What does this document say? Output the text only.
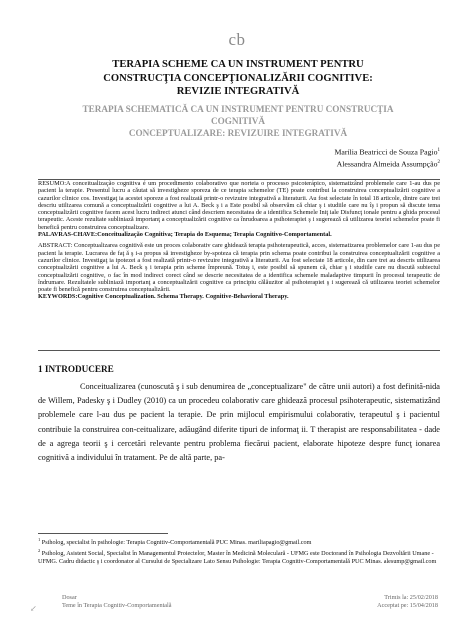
cb
TERAPIA SCHEME CA UN INSTRUMENT PENTRU
CONSTRUCŢIA CONCEPŢIONALIZĂRII COGNITIVE:
REVIZIE INTEGRATIVĂ
TERAPIA SCHEMATICĂ CA UN INSTRUMENT PENTRU CONSTRUCŢIA COGNITIVĂ
CONCEPTUALIZARE: REVIZUIRE INTEGRATIVĂ
Marília Beatricci de Souza Pagio$^1$
Alessandra Almeida Assumpção$^2$

RESUMO:A conceitualização cognitiva é um procedimento colaborativo que norteia o processo psicoterápico, sistematizând problemele care 1-au dus pe pacient la terapie. Presentul lucru a căutat să investigheze sporeza de ce terapia schemelor (TE) poate contribui la construirea conceptualizării cognitive a cazurilor clinice cos. Investigaţ ia acestei sporeze a fost realizată printr-o revizuire integrativă a literaturii. Au fost selectate în total 18 articole, dintre care trei descriu utilizarea comună a conceptualizării cognitive a lui A. Beck ş i a Este posibil să observăm că chiar ş i studiile care nu îş i propun să discute tema conceptualizării cognitive facem acest lucru indirect atunci când descriem necesitatea de a identifica Schemele Iniţ iale Disfuncţ ionale pentru a ghida procesul terapeutic. Aceste rezultate subliniază importanţ a conceptualizării cognitive ca înrudoarea a psihoterapiei ş i sugerează că utilizarea teoriei schemelor poate fi benefică pentru construirea conceptualizare.

PALAVRAS-CHAVE:Conceitualização Cognitiva; Terapia do Esquema; Terapia Cognitivo-Comportamental.

ABSTRACT: Conceptualizarea cognitivă este un proces colaborativ care ghidează terapia psihoterapeutică, acces, sistematizarea problemelor care 1-au dus pe pacient la terapie. Lucrarea de faţ ă ş i-a propus să investigheze by-spoteza că terapia prin schema poate contribui la construirea conceptualizării cognitive a cazurilor clinice. Investigaţ ia ipotezei a fost realizată printr-o revizuire integrativă a literaturii. Au fost selectate 18 articole, din care trei au descris utilizarea conceptualizării cognitive a lui A. Beck ş i terapia prin scheme împreună. Totuş i, este posibil să spunem că, chiar ş i studiile care nu discută subiectul conceptualizării cognitive, o fac în mod indirect corect când se descrie necesitatea de a identifica schemele maladaptive timpurii în procesul terapeutic de îndrumare. Rezultatele subliniază importanţ a conceptualizării cognitive ca principiu călăuzitor al psihoterapiei ş i sugerează că utilizarea teoriei schemelor poate fi benefică pentru construirea conceptualizării.

KEYWORDS:Cognitive Conceptualization. Schema Therapy. Cognitive-Behavioral Therapy.

1 INTRODUCERE

Conceitualizarea (cunoscută ş i sub denumirea de „conceptualizare" de către unii autori) a fost definită-nida de Willem, Padesky ş i Dudley (2010) ca un procedeu colaborativ care ghidează procesul psihoterapeutic, sistematizând problemele care l-au dus pe pacient la terapie. De prin mijlocul empirismului colaborativ, terapeutul ş i pacientul contribuie la construirea con-ceitualizare, adăugând diferite tipuri de informaţ ii. T therapist are responsabilitatea - dade de a agrega teorii ş i cercetări relevante pentru problema fiecărui pacient, elaborate hipoteze despre funcţ ionarea cognitivă a individului în tratament. Pe de altă parte, pa-

$^1$ Psiholog, specialist în psihologie: Terapia Cognitiv-Comportamentală PUC Minas. mariliapagio@gmail.com

$^2$ Psiholog, Asistent Social, Specialist în Managementul Proiectelor, Master în Medicină Moleculară - UFMG este Doctorand în Psihologia Dezvoltării Umane - UFMG. Cadru didactic ş i coordonator al Cursului de Specializare Lato Sensu Psihologie: Terapia Cognitiv-Comportamentală PUC Minas. alesump@gmail.com

↙
Dosar
Teme în Terapia Cognitiv-Comportamentală
Trimis la: 25/02/2018
Acceptat pe: 15/04/2018
